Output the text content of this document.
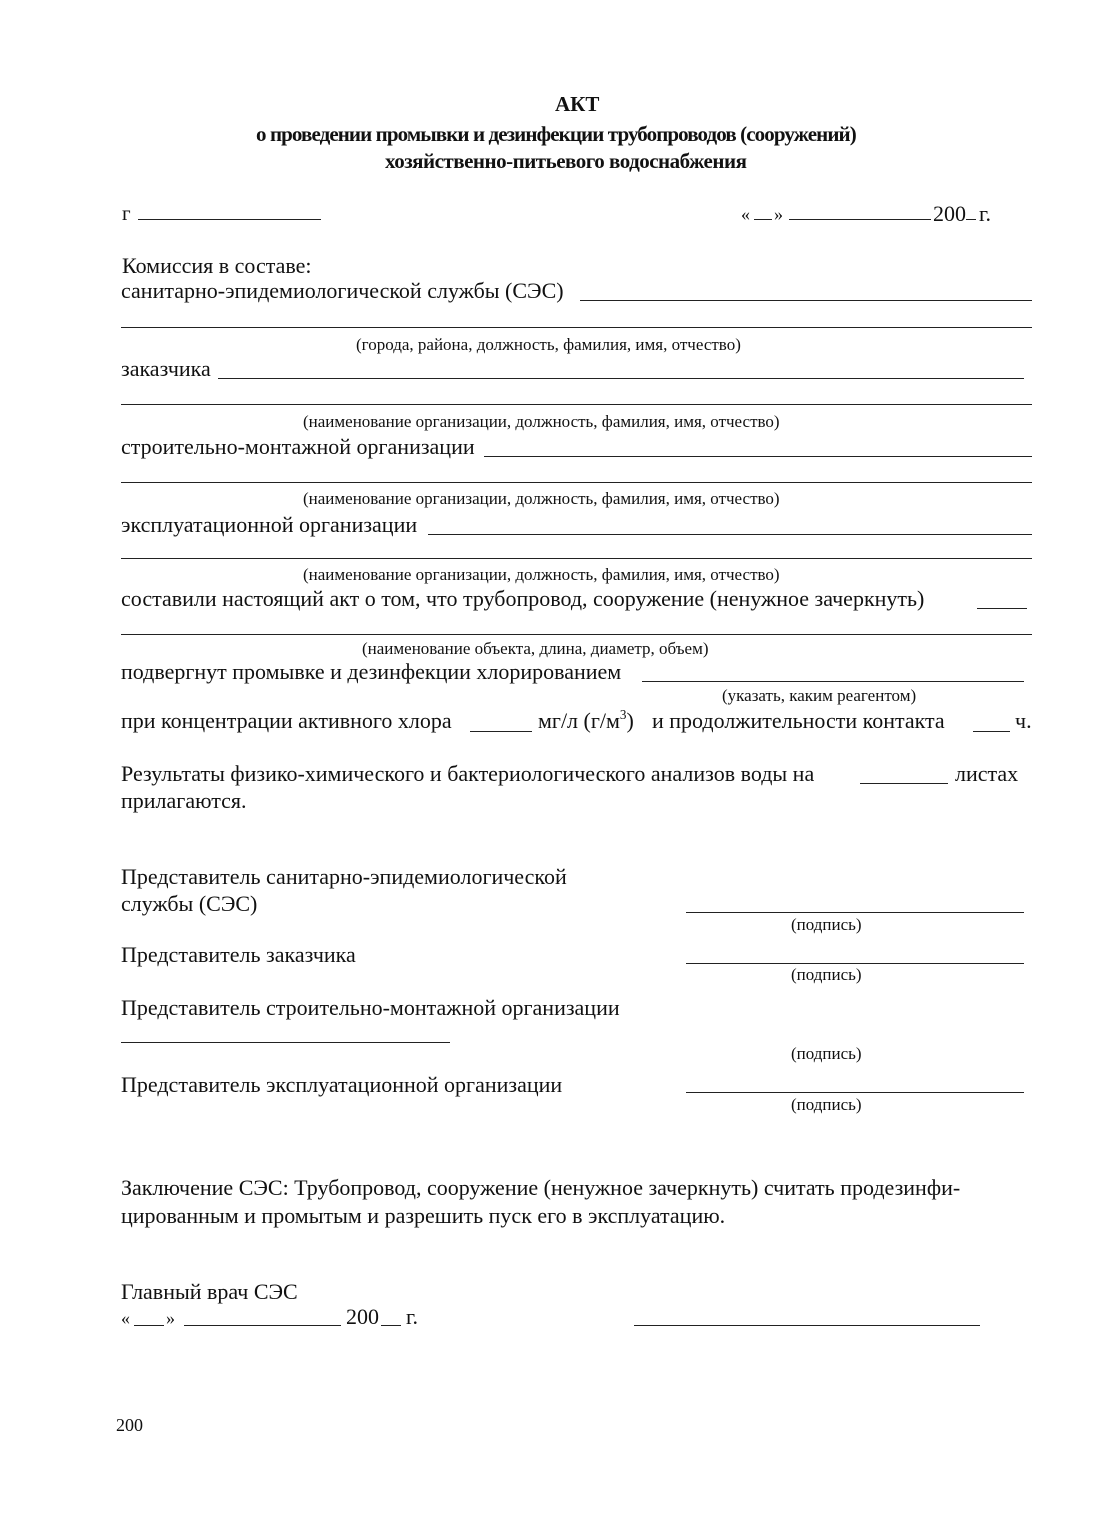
АКТ
о проведении промывки и дезинфекции трубопроводов (сооружений)
хозяйственно-питьевого водоснабжения
г	« »	200 г.
Комиссия в составе:
санитарно-эпидемиологической службы (СЭС)
(города, района, должность, фамилия, имя, отчество)
заказчика
(наименование организации, должность, фамилия, имя, отчество)
строительно-монтажной организации
(наименование организации, должность, фамилия, имя, отчество)
эксплуатационной организации
(наименование организации, должность, фамилия, имя, отчество)
составили настоящий акт о том, что трубопровод, сооружение (ненужное зачеркнуть)
(наименование объекта, длина, диаметр, объем)
подвергнут промывке и дезинфекции хлорированием
(указать, каким реагентом)
при концентрации активного хлора	мг/л $(г/м^3)$ и продолжительности контакта	ч.
Результаты физико-химического и бактериологического анализов воды на	листах
прилагаются.
Представитель санитарно-эпидемиологической
службы (СЭС)
(подпись)
Представитель заказчика
(подпись)
Представитель строительно-монтажной организации
(подпись)
Представитель эксплуатационной организации
(подпись)
Заключение СЭС: Трубопровод, сооружение (ненужное зачеркнуть) считать продезинфи-
цированным и промытым и разрешить пуск его в эксплуатацию.
Главный врач СЭС
« »	200 г.
200
